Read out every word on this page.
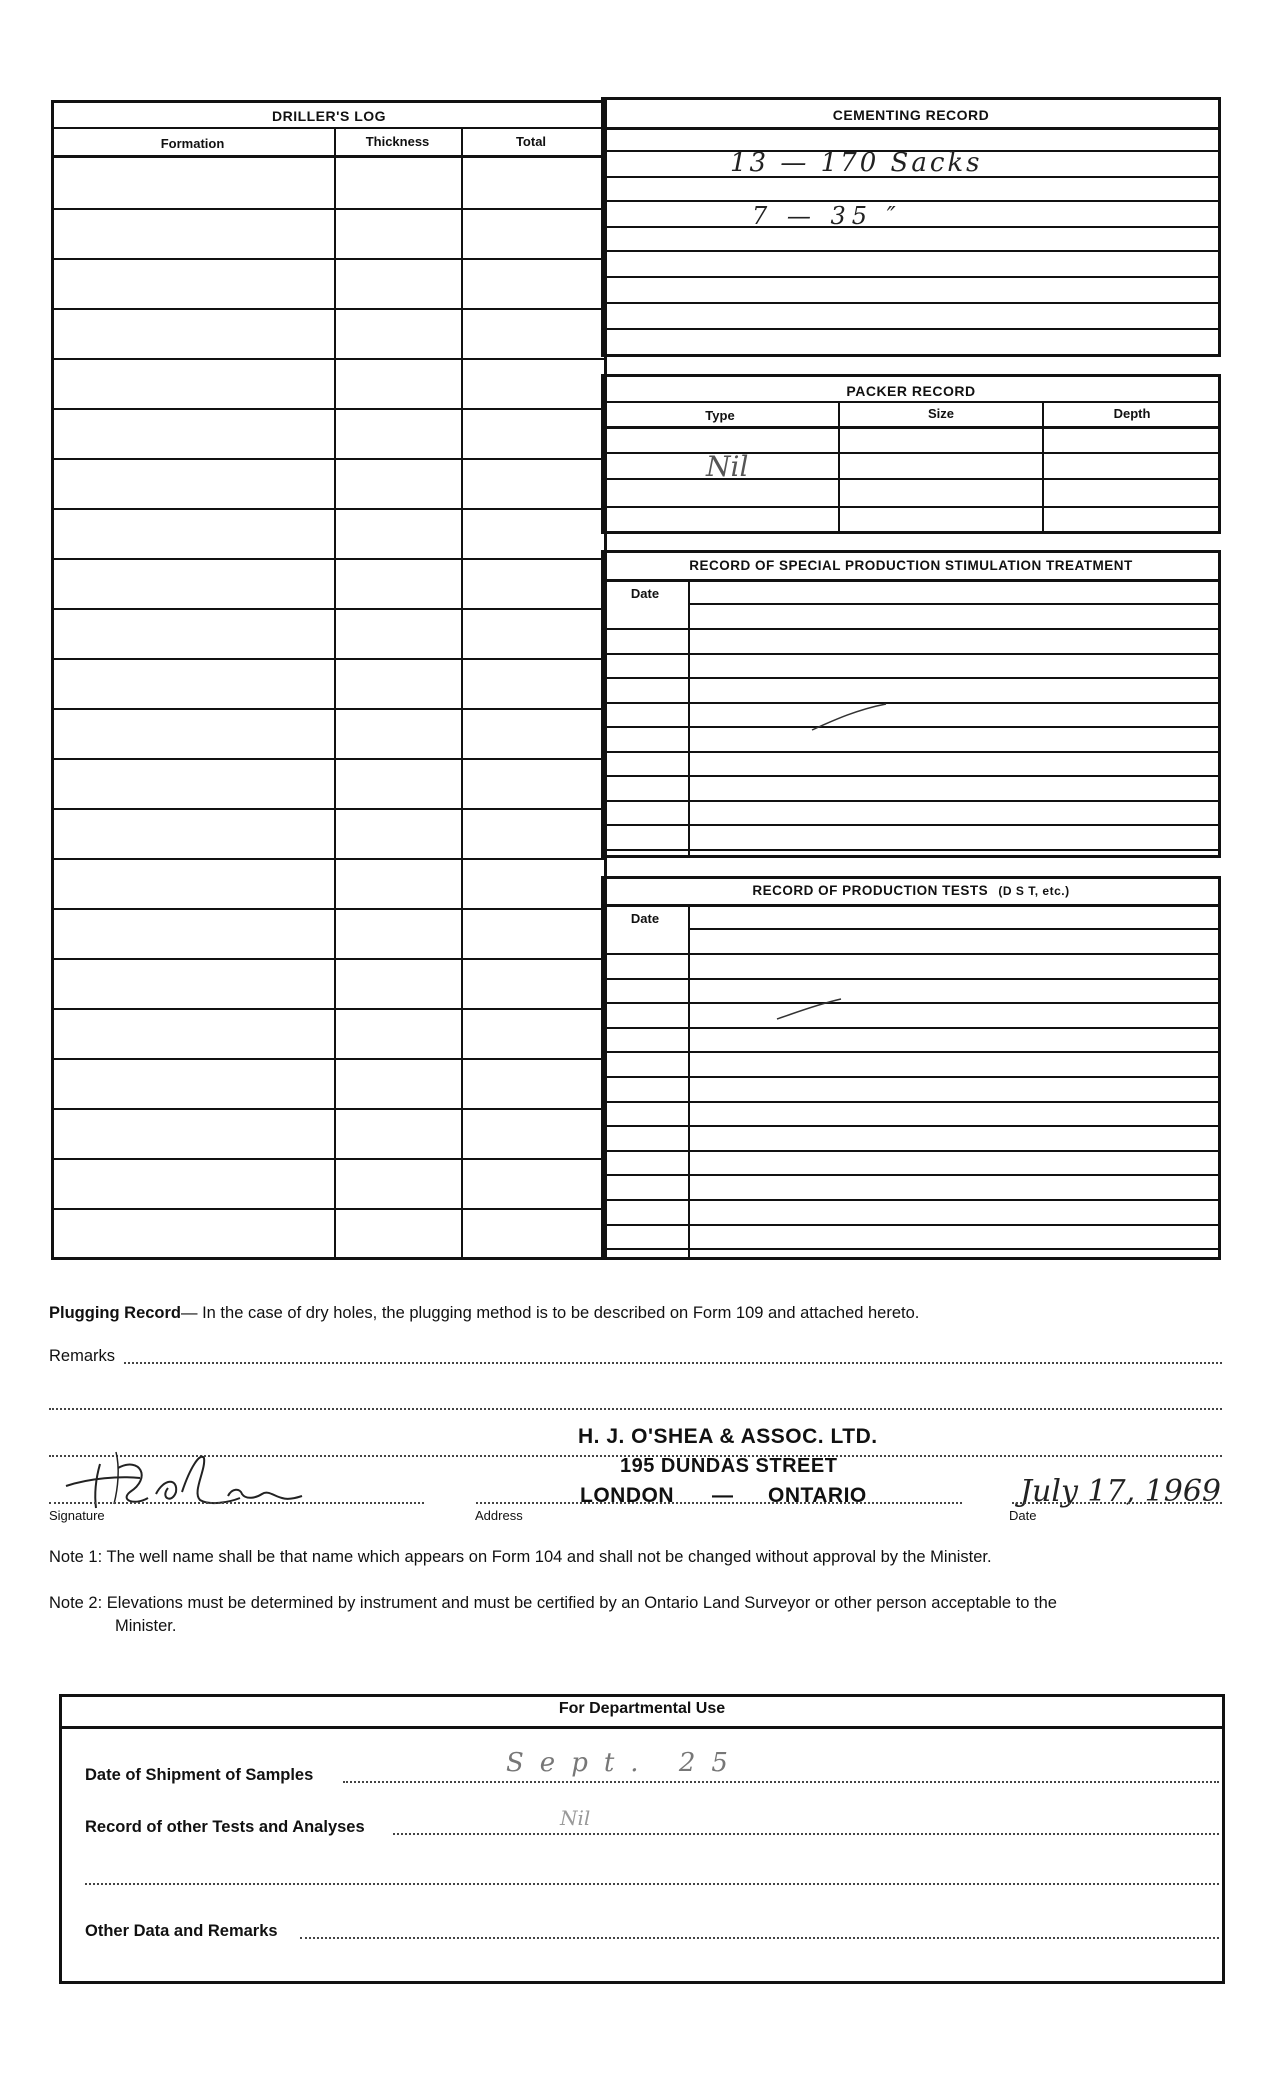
DRILLER'S LOG
Formation	Thickness	Total
CEMENTING RECORD
13 — 170 Sacks
7 — 35 ″
PACKER RECORD
Type	Size	Depth
Nil
RECORD OF SPECIAL PRODUCTION STIMULATION TREATMENT
Date
RECORD OF PRODUCTION TESTS (D S T, etc.)
Date
Plugging Record— In the case of dry holes, the plugging method is to be described on Form 109 and attached hereto.
Remarks
Signature
H. J. O'SHEA & ASSOC. LTD.
195 DUNDAS STREET
LONDON — ONTARIO
Address
July 17, 1969
Date
Note 1: The well name shall be that name which appears on Form 104 and shall not be changed without approval by the Minister.
Note 2: Elevations must be determined by instrument and must be certified by an Ontario Land Surveyor or other person acceptable to the
Minister.
For Departmental Use
Date of Shipment of Samples	Sept. 25
Record of other Tests and Analyses	Nil
Other Data and Remarks
